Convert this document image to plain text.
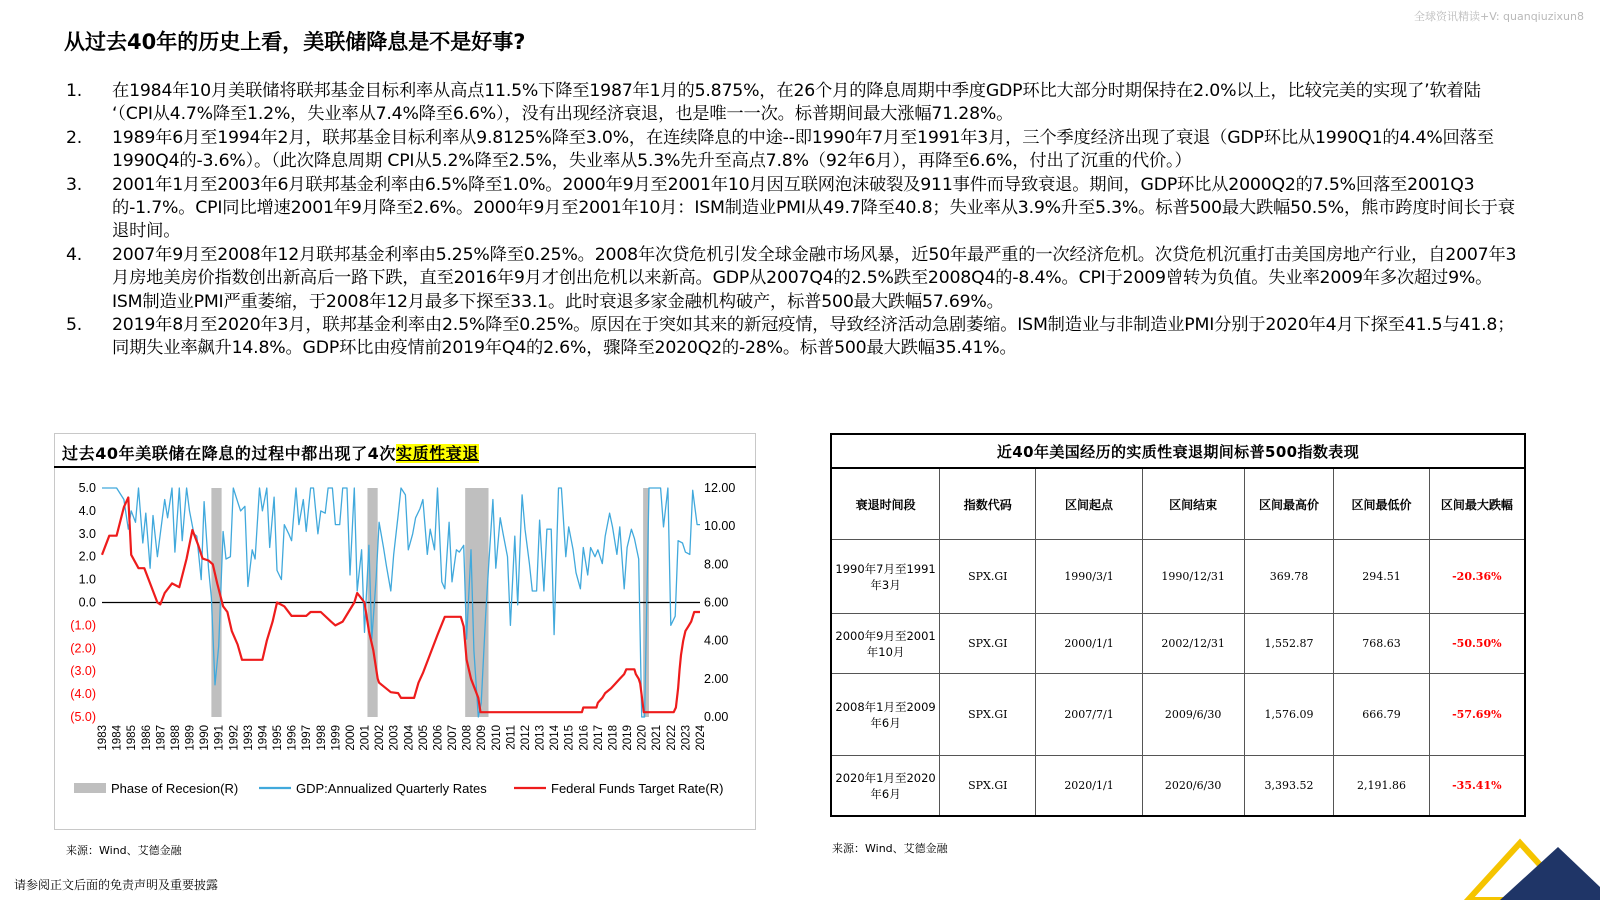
全球资讯精读+V: quanqiuzixun8
从过去40年的历史上看，美联储降息是不是好事?
1. 在1984年10月美联储将联邦基金目标利率从高点11.5%下降至1987年1月的5.875%，在26个月的降息周期中季度GDP环比大部分时期保持在2.0%以上，比较完美的实现了’软着陆 ‘（CPI从4.7%降至1.2%，失业率从7.4%降至6.6%），没有出现经济衰退，也是唯一一次。标普期间最大涨幅71.28%。
2. 1989年6月至1994年2月，联邦基金目标利率从9.8125%降至3.0%，在连续降息的中途--即1990年7月至1991年3月，三个季度经济出现了衰退（GDP环比从1990Q1的4.4%回落至1990Q4的-3.6%）。（此次降息周期 CPI从5.2%降至2.5%，失业率从5.3%先升至高点7.8%（92年6月），再降至6.6%，付出了沉重的代价。）
3. 2001年1月至2003年6月联邦基金利率由6.5%降至1.0%。2000年9月至2001年10月因互联网泡沫破裂及911事件而导致衰退。期间，GDP环比从2000Q2的7.5%回落至2001Q3的-1.7%。CPI同比增速2001年9月降至2.6%。2000年9月至2001年10月：ISM制造业PMI从49.7降至40.8；失业率从3.9%升至5.3%。标普500最大跌幅50.5%，熊市跨度时间长于衰退时间。
4. 2007年9月至2008年12月联邦基金利率由5.25%降至0.25%。2008年次贷危机引发全球金融市场风暴，近50年最严重的一次经济危机。次贷危机沉重打击美国房地产行业，自2007年3月房地美房价指数创出新高后一路下跌，直至2016年9月才创出危机以来新高。GDP从2007Q4的2.5%跌至2008Q4的-8.4%。CPI于2009曾转为负值。失业率2009年多次超过9%。ISM制造业PMI严重萎缩，于2008年12月最多下探至33.1。此时衰退多家金融机构破产，标普500最大跌幅57.69%。
5. 2019年8月至2020年3月，联邦基金利率由2.5%降至0.25%。原因在于突如其来的新冠疫情，导致经济活动急剧萎缩。ISM制造业与非制造业PMI分别于2020年4月下探至41.5与41.8；同期失业率飙升14.8%。GDP环比由疫情前2019年Q4的2.6%，骤降至2020Q2的-28%。标普500最大跌幅35.41%。
过去40年美联储在降息的过程中都出现了4次实质性衰退
5.0
4.0
3.0
2.0
1.0
0.0
(1.0)
(2.0)
(3.0)
(4.0)
(5.0)
12.00
10.00
8.00
6.00
4.00
2.00
0.00
1983 1984 1985 1986 1987 1988 1989 1990 1991 1992 1993 1994 1995 1996 1997 1998 1999 2000 2001 2002 2003 2004 2005 2006 2007 2008 2009 2010 2011 2012 2013 2014 2015 2016 2017 2018 2019 2020 2021 2022 2023 2024
Phase of Recesion(R)	GDP:Annualized Quarterly Rates	Federal Funds Target Rate(R)
来源：Wind、艾德金融
近40年美国经历的实质性衰退期间标普500指数表现						
衰退时间段	指数代码	区间起点	区间结束	区间最高价	区间最低价	区间最大跌幅
1990年7月至1991年3月	SPX.GI	1990/3/1	1990/12/31	369.78	294.51	-20.36%
2000年9月至2001年10月	SPX.GI	2000/1/1	2002/12/31	1,552.87	768.63	-50.50%
2008年1月至2009年6月	SPX.GI	2007/7/1	2009/6/30	1,576.09	666.79	-57.69%
2020年1月至2020年6月	SPX.GI	2020/1/1	2020/6/30	3,393.52	2,191.86	-35.41%
来源：Wind、艾德金融
请参阅正文后面的免责声明及重要披露
